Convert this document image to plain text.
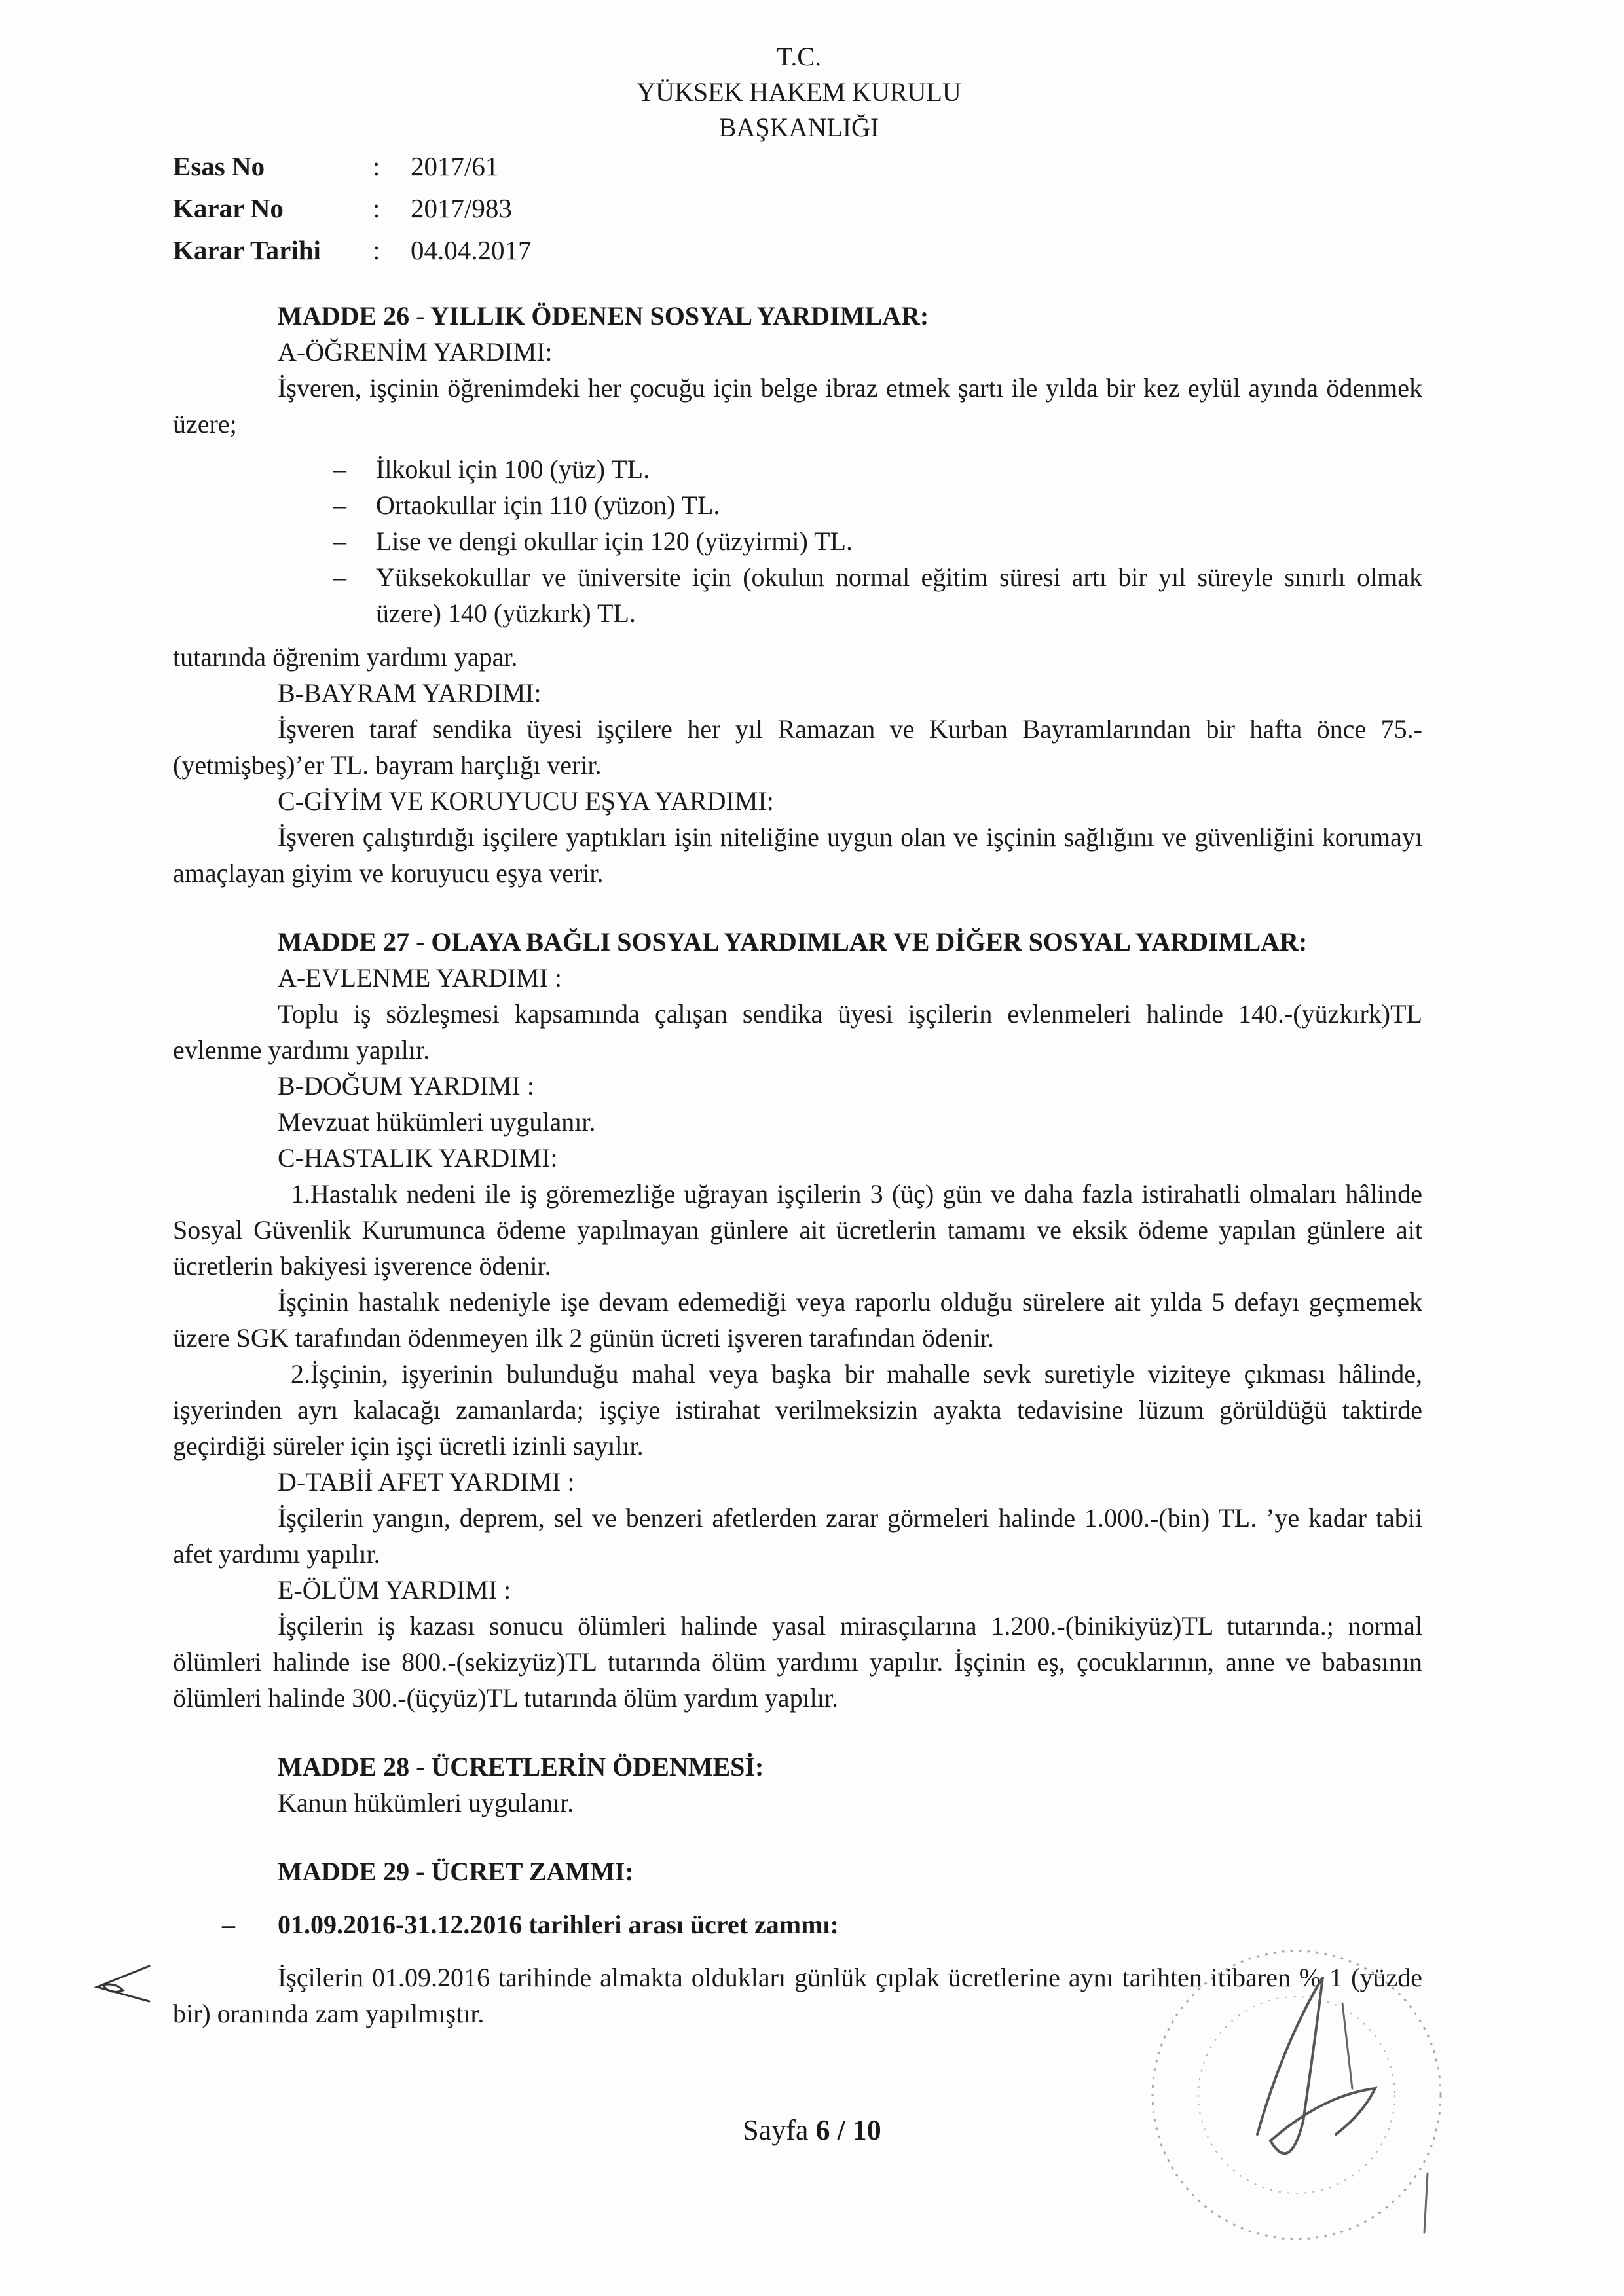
T.C.
YÜKSEK HAKEM KURULU
BAŞKANLIĞI
Esas No	:	2017/61
Karar No	:	2017/983
Karar Tarihi	:	04.04.2017
MADDE 26 - YILLIK ÖDENEN SOSYAL YARDIMLAR:
A-ÖĞRENİM YARDIMI:
İşveren, işçinin öğrenimdeki her çocuğu için belge ibraz etmek şartı ile yılda bir kez eylül ayında ödenmek üzere;
– İlkokul için 100 (yüz) TL.
– Ortaokullar için 110 (yüzon) TL.
– Lise ve dengi okullar için 120 (yüzyirmi) TL.
– Yüksekokullar ve üniversite için (okulun normal eğitim süresi artı bir yıl süreyle sınırlı olmak üzere) 140 (yüzkırk) TL.
tutarında öğrenim yardımı yapar.
B-BAYRAM YARDIMI:
İşveren taraf sendika üyesi işçilere her yıl Ramazan ve Kurban Bayramlarından bir hafta önce 75.-(yetmişbeş)’er TL. bayram harçlığı verir.
C-GİYİM VE KORUYUCU EŞYA YARDIMI:
İşveren çalıştırdığı işçilere yaptıkları işin niteliğine uygun olan ve işçinin sağlığını ve güvenliğini korumayı amaçlayan giyim ve koruyucu eşya verir.
MADDE 27 - OLAYA BAĞLI SOSYAL YARDIMLAR VE DİĞER SOSYAL YARDIMLAR:
A-EVLENME YARDIMI :
Toplu iş sözleşmesi kapsamında çalışan sendika üyesi işçilerin evlenmeleri halinde 140.-(yüzkırk)TL evlenme yardımı yapılır.
B-DOĞUM YARDIMI :
Mevzuat hükümleri uygulanır.
C-HASTALIK YARDIMI:
1.Hastalık nedeni ile iş göremezliğe uğrayan işçilerin 3 (üç) gün ve daha fazla istirahatli olmaları hâlinde Sosyal Güvenlik Kurumunca ödeme yapılmayan günlere ait ücretlerin tamamı ve eksik ödeme yapılan günlere ait ücretlerin bakiyesi işverence ödenir.
İşçinin hastalık nedeniyle işe devam edemediği veya raporlu olduğu sürelere ait yılda 5 defayı geçmemek üzere SGK tarafından ödenmeyen ilk 2 günün ücreti işveren tarafından ödenir.
2.İşçinin, işyerinin bulunduğu mahal veya başka bir mahalle sevk suretiyle viziteye çıkması hâlinde, işyerinden ayrı kalacağı zamanlarda; işçiye istirahat verilmeksizin ayakta tedavisine lüzum görüldüğü taktirde geçirdiği süreler için işçi ücretli izinli sayılır.
D-TABİİ AFET YARDIMI :
İşçilerin yangın, deprem, sel ve benzeri afetlerden zarar görmeleri halinde 1.000.-(bin) TL. ’ye kadar tabii afet yardımı yapılır.
E-ÖLÜM YARDIMI :
İşçilerin iş kazası sonucu ölümleri halinde yasal mirasçılarına 1.200.-(binikiyüz)TL tutarında.; normal ölümleri halinde ise 800.-(sekizyüz)TL tutarında ölüm yardımı yapılır. İşçinin eş, çocuklarının, anne ve babasının ölümleri halinde 300.-(üçyüz)TL tutarında ölüm yardım yapılır.
MADDE 28 - ÜCRETLERİN ÖDENMESİ:
Kanun hükümleri uygulanır.
MADDE 29 - ÜCRET ZAMMI:
– 01.09.2016-31.12.2016 tarihleri arası ücret zammı:
İşçilerin 01.09.2016 tarihinde almakta oldukları günlük çıplak ücretlerine aynı tarihten itibaren % 1 (yüzde bir) oranında zam yapılmıştır.
Sayfa 6 / 10
